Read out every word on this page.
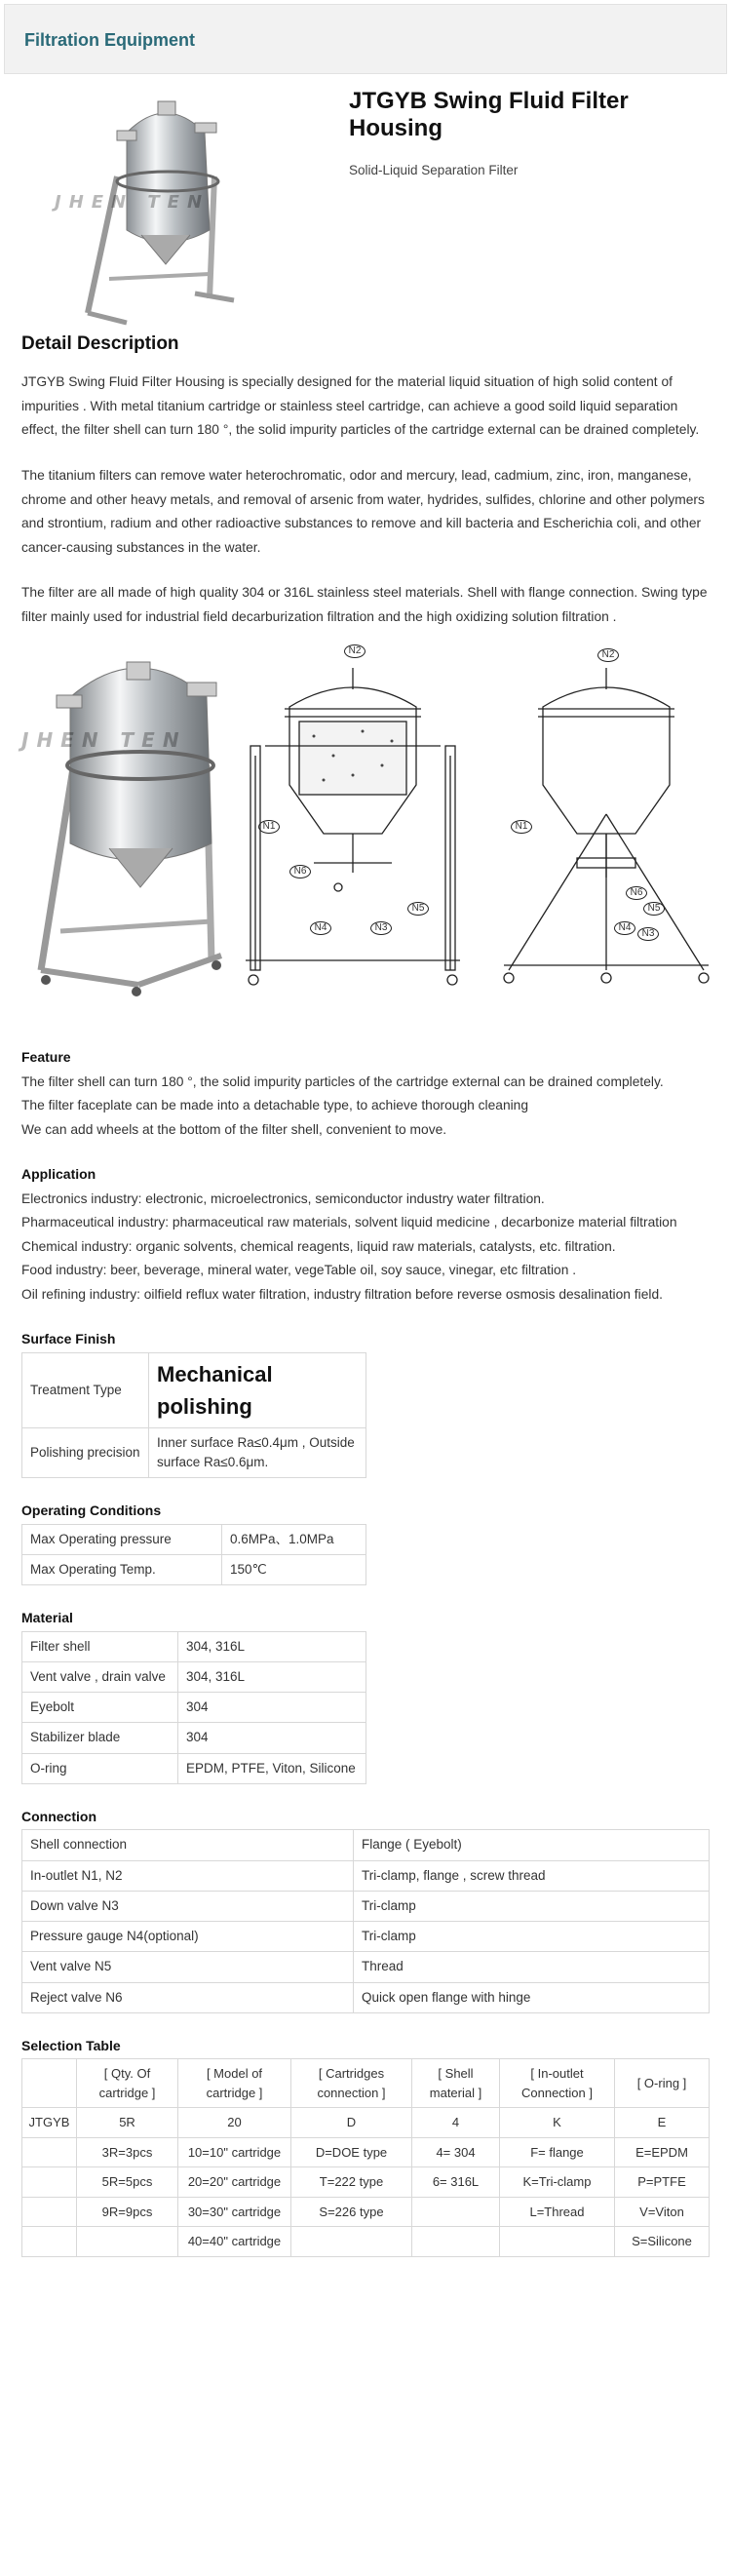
Filtration Equipment
JHEN TEN
JTGYB Swing Fluid Filter Housing
Solid-Liquid Separation Filter
Detail Description

JTGYB Swing Fluid Filter Housing is specially designed for the material liquid situation of high solid content of impurities . With metal titanium cartridge or stainless steel cartridge, can achieve a good soild liquid separation effect, the filter shell can turn 180 °, the solid impurity particles of the cartridge external can be drained completely.

The titanium filters can remove water heterochromatic, odor and mercury, lead, cadmium, zinc, iron, manganese, chrome and other heavy metals, and removal of arsenic from water, hydrides, sulfides, chlorine and other polymers and strontium, radium and other radioactive substances to remove and kill bacteria and Escherichia coli, and other cancer-causing substances in the water.

The filter are all made of high quality 304 or 316L stainless steel materials. Shell with flange connection. Swing type filter mainly used for industrial field decarburization filtration and the high oxidizing solution filtration .

JHEN TEN
N2
N1
N6
N4	N3
N5
N2
N1
N5
N6
N4
N3
Feature
The filter shell can turn 180 °, the solid impurity particles of the cartridge external can be drained completely.
The filter faceplate can be made into a detachable type, to achieve thorough cleaning
We can add wheels at the bottom of the filter shell, convenient to move.
Application
Electronics industry: electronic, microelectronics, semiconductor industry water filtration.
Pharmaceutical industry: pharmaceutical raw materials, solvent liquid medicine , decarbonize material filtration
Chemical industry: organic solvents, chemical reagents, liquid raw materials, catalysts, etc. filtration.
Food industry: beer, beverage, mineral water, vegeTable oil, soy sauce, vinegar, etc filtration .
Oil refining industry: oilfield reflux water filtration, industry filtration before reverse osmosis desalination field.
Surface Finish
Treatment Type	Mechanical polishing
Polishing precision	Inner surface Ra≤0.4μm , Outside surface Ra≤0.6μm.
Operating Conditions
Max Operating pressure	0.6MPa、1.0MPa
Max Operating Temp.	150℃
Material
Filter shell	304, 316L
Vent valve , drain valve	304, 316L
Eyebolt	304
Stabilizer blade	304
O-ring	EPDM, PTFE, Viton, Silicone
Connection
Shell connection	Flange ( Eyebolt)
In-outlet N1, N2	Tri-clamp, flange , screw thread
Down valve N3	Tri-clamp
Pressure gauge N4(optional)	Tri-clamp
Vent valve N5	Thread
Reject valve N6	Quick open flange with hinge
Selection Table
	[ Qty. Of cartridge ]	[ Model of cartridge ]	[ Cartridges connection ]	[ Shell material ]	[ In-outlet Connection ]	[ O-ring ]
JTGYB	5R	20	D	4	K	E
	3R=3pcs	10=10" cartridge	D=DOE type	4= 304	F= flange	E=EPDM
	5R=5pcs	20=20" cartridge	T=222 type	6= 316L	K=Tri-clamp	P=PTFE
	9R=9pcs	30=30" cartridge	S=226 type		L=Thread	V=Viton
		40=40" cartridge				S=Silicone
